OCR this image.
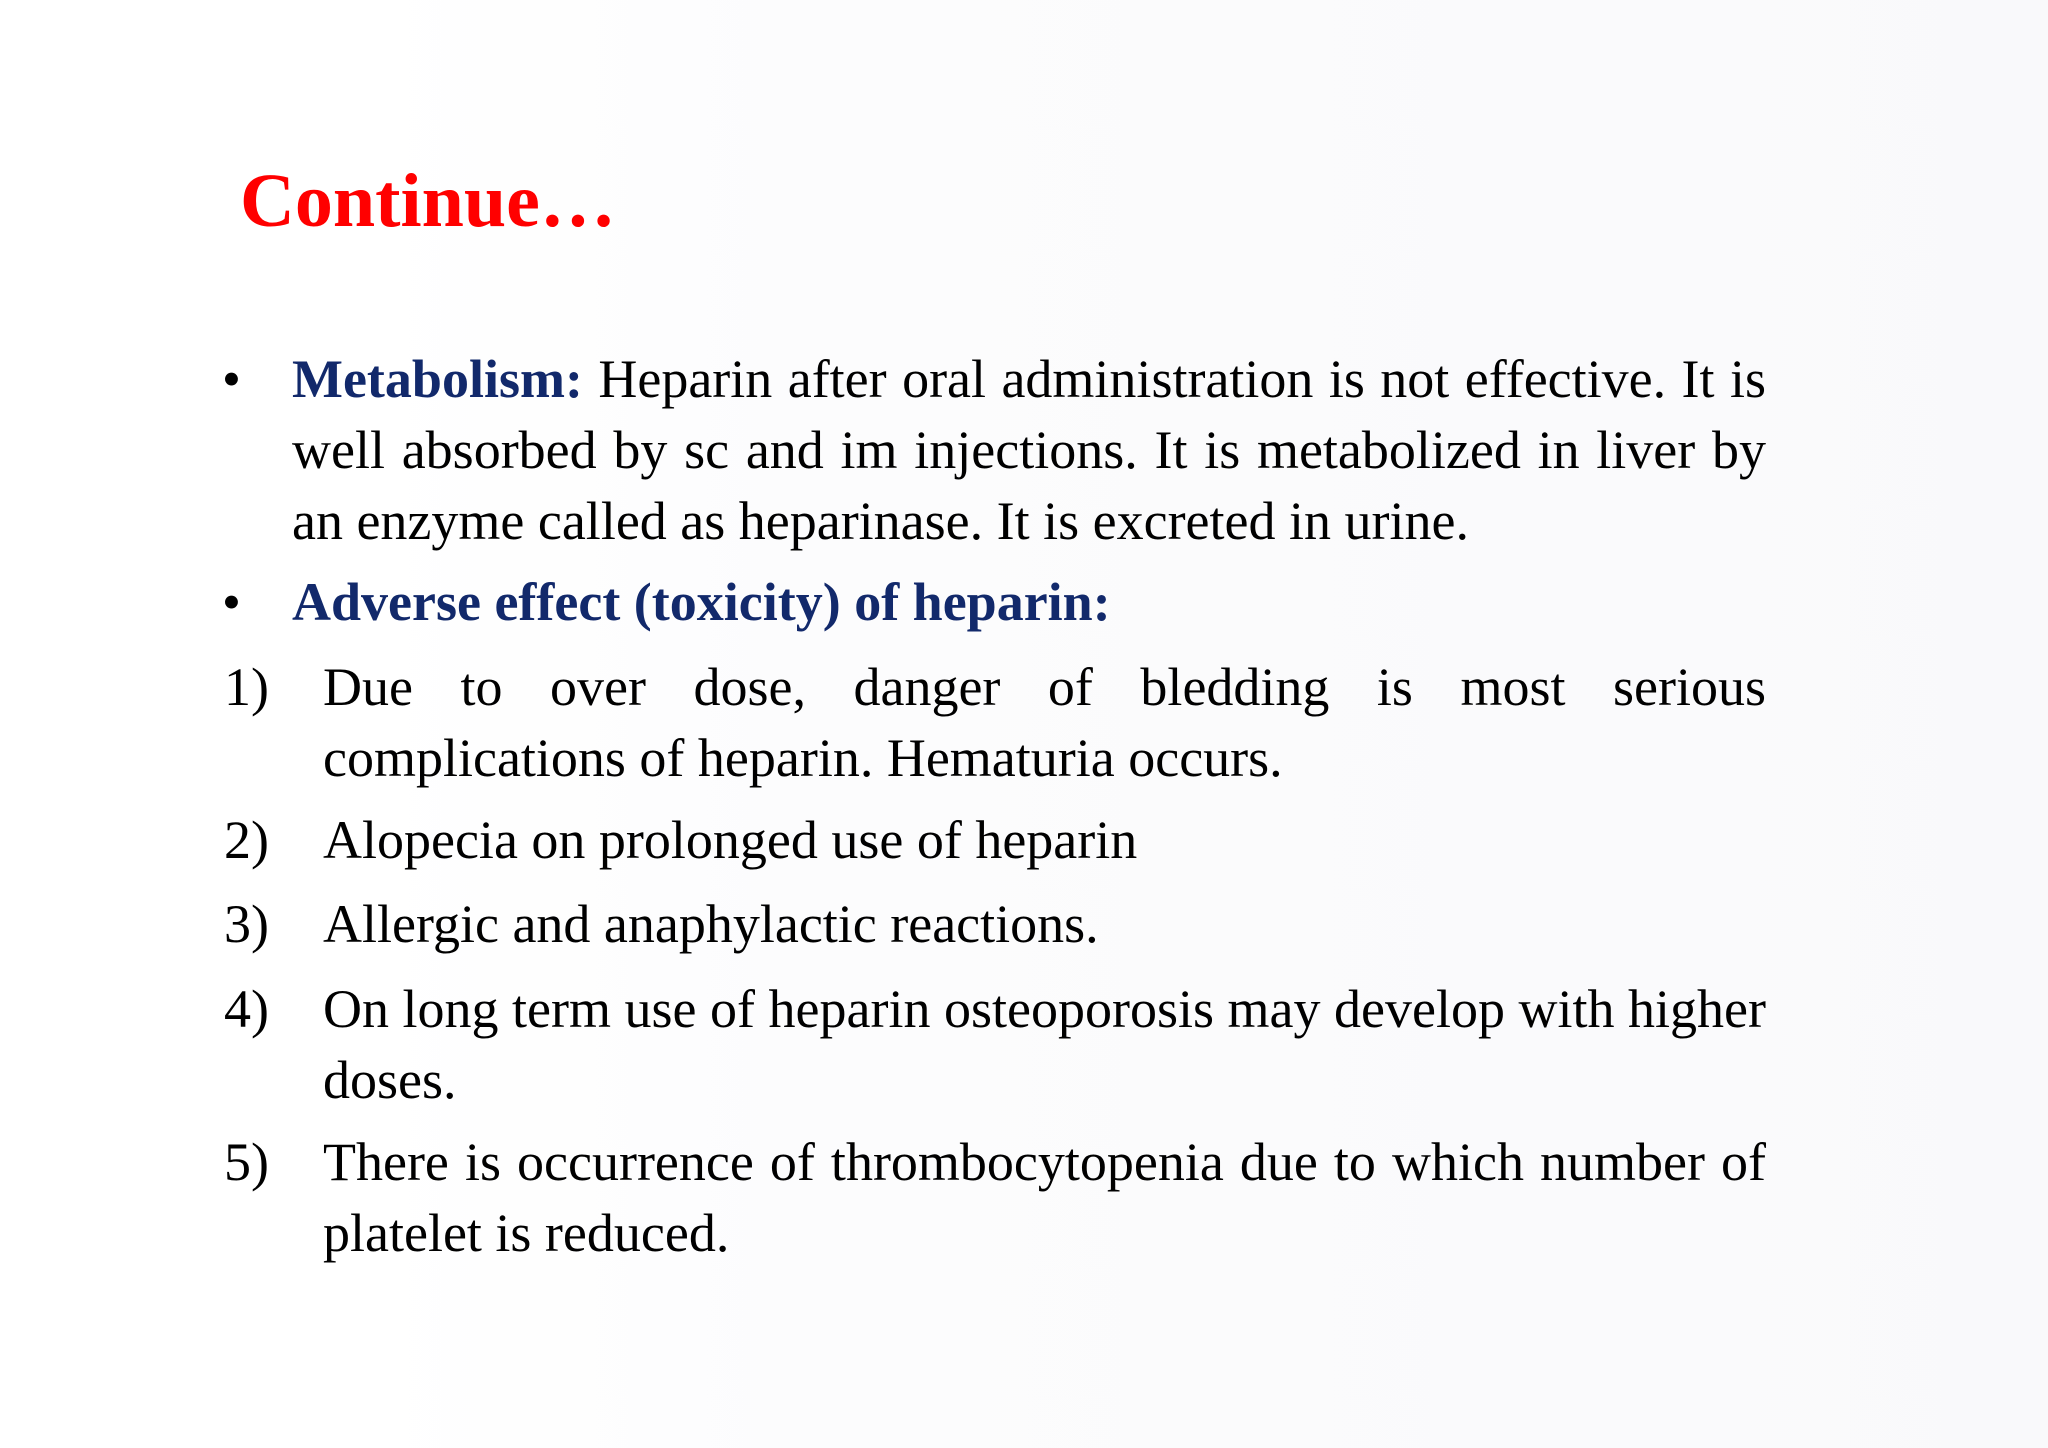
Continue…
• Metabolism: Heparin after oral administration is not effective. It is well absorbed by sc and im injections. It is metabolized in liver by an enzyme called as heparinase. It is excreted in urine.
• Adverse effect (toxicity) of heparin:
1) Due to over dose, danger of bledding is most serious complications of heparin. Hematuria occurs.
2) Alopecia on prolonged use of heparin
3) Allergic and anaphylactic reactions.
4) On long term use of heparin osteoporosis may develop with higher doses.
5) There is occurrence of thrombocytopenia due to which number of platelet is reduced.
